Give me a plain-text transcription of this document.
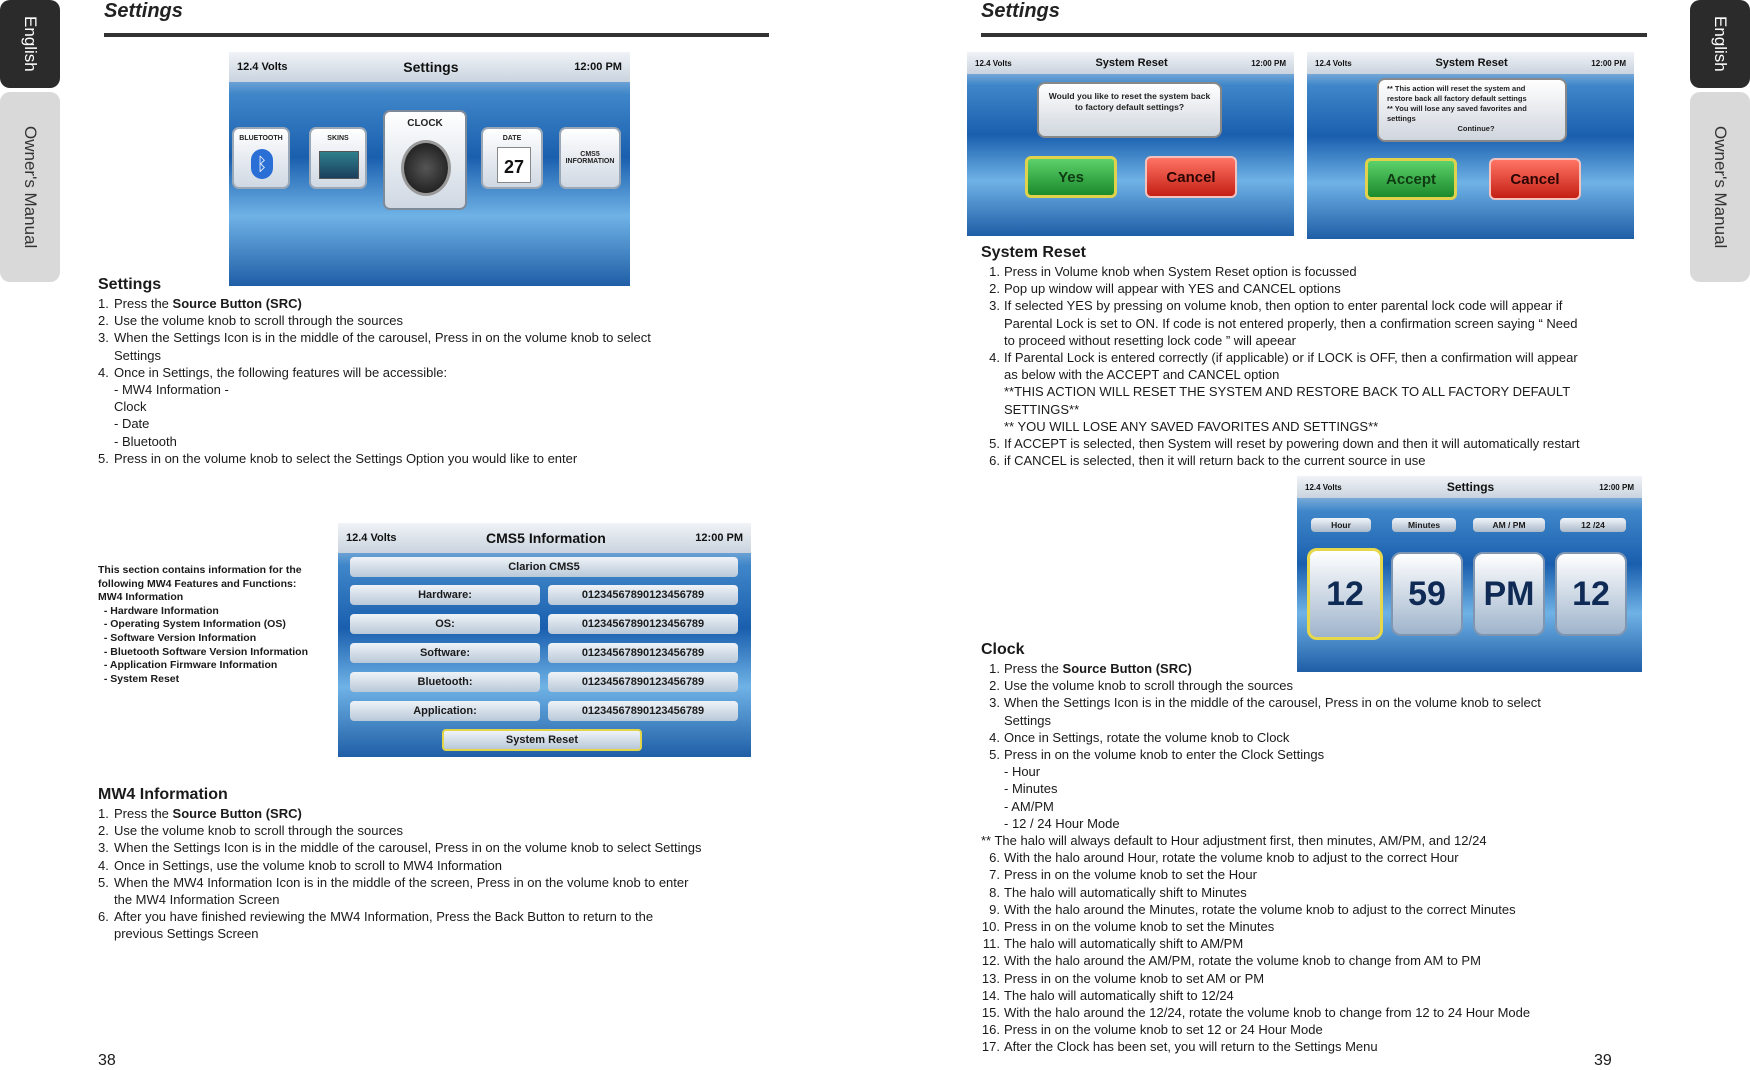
English
Owner's Manual
English
Owner's Manual
Settings
12.4 Volts	Settings	12:00 PM
BLUETOOTH
ᛒ
SKINS
CLOCK
DATE
27
CMS5 INFORMATION
Settings
1. Press the Source Button (SRC)
2. Use the volume knob to scroll through the sources
3. When the Settings Icon is in the middle of the carousel, Press in on the volume knob to select
Settings
4. Once in Settings, the following features will be accessible:
- MW4 Information -
Clock
- Date
- Bluetooth
5. Press in on the volume knob to select the Settings Option you would like to enter
This section contains information for the
following MW4 Features and Functions:
MW4 Information
- Hardware Information
- Operating System Information (OS)
- Software Version Information
- Bluetooth Software Version Information
- Application Firmware Information
- System Reset
12.4 Volts	CMS5 Information	12:00 PM
Clarion CMS5
Hardware:	01234567890123456789
OS:	01234567890123456789
Software:	01234567890123456789
Bluetooth:	01234567890123456789
Application:	01234567890123456789
System Reset
MW4 Information
1. Press the Source Button (SRC)
2. Use the volume knob to scroll through the sources
3. When the Settings Icon is in the middle of the carousel, Press in on the volume knob to select Settings
4. Once in Settings, use the volume knob to scroll to MW4 Information
5. When the MW4 Information Icon is in the middle of the screen, Press in on the volume knob to enter
the MW4 Information Screen
6. After you have finished reviewing the MW4 Information, Press the Back Button to return to the
previous Settings Screen
38
Settings
12.4 Volts	System Reset	12:00 PM
Would you like to reset the system back
to factory default settings?
Yes	Cancel
12.4 Volts	System Reset	12:00 PM
** This action will reset the system and
restore back all factory default settings
** You will lose any saved favorites and
settings
Continue?
Accept	Cancel
System Reset
1. Press in Volume knob when System Reset option is focussed
2. Pop up window will appear with YES and CANCEL options
3. If selected YES by pressing on volume knob, then option to enter parental lock code will appear if
Parental Lock is set to ON. If code is not entered properly, then a confirmation screen saying “ Need
to proceed without resetting lock code ” will apeear
4. If Parental Lock is entered correctly (if applicable) or if LOCK is OFF, then a confirmation will appear
as below with the ACCEPT and CANCEL option
**THIS ACTION WILL RESET THE SYSTEM AND RESTORE BACK TO ALL FACTORY DEFAULT
SETTINGS**
** YOU WILL LOSE ANY SAVED FAVORITES AND SETTINGS**
5. If ACCEPT is selected, then System will reset by powering down and then it will automatically restart
6. if CANCEL is selected, then it will return back to the current source in use
12.4 Volts	Settings	12:00 PM
Hour	Minutes	AM / PM	12 /24
12	59	PM	12
Clock
1. Press the Source Button (SRC)
2. Use the volume knob to scroll through the sources
3. When the Settings Icon is in the middle of the carousel, Press in on the volume knob to select
Settings
4. Once in Settings, rotate the volume knob to Clock
5. Press in on the volume knob to enter the Clock Settings
- Hour
- Minutes
- AM/PM
- 12 / 24 Hour Mode
** The halo will always default to Hour adjustment first, then minutes, AM/PM, and 12/24
6. With the halo around Hour, rotate the volume knob to adjust to the correct Hour
7. Press in on the volume knob to set the Hour
8. The halo will automatically shift to Minutes
9. With the halo around the Minutes, rotate the volume knob to adjust to the correct Minutes
10. Press in on the volume knob to set the Minutes
11. The halo will automatically shift to AM/PM
12. With the halo around the AM/PM, rotate the volume knob to change from AM to PM
13. Press in on the volume knob to set AM or PM
14. The halo will automatically shift to 12/24
15. With the halo around the 12/24, rotate the volume knob to change from 12 to 24 Hour Mode
16. Press in on the volume knob to set 12 or 24 Hour Mode
17. After the Clock has been set, you will return to the Settings Menu
39
